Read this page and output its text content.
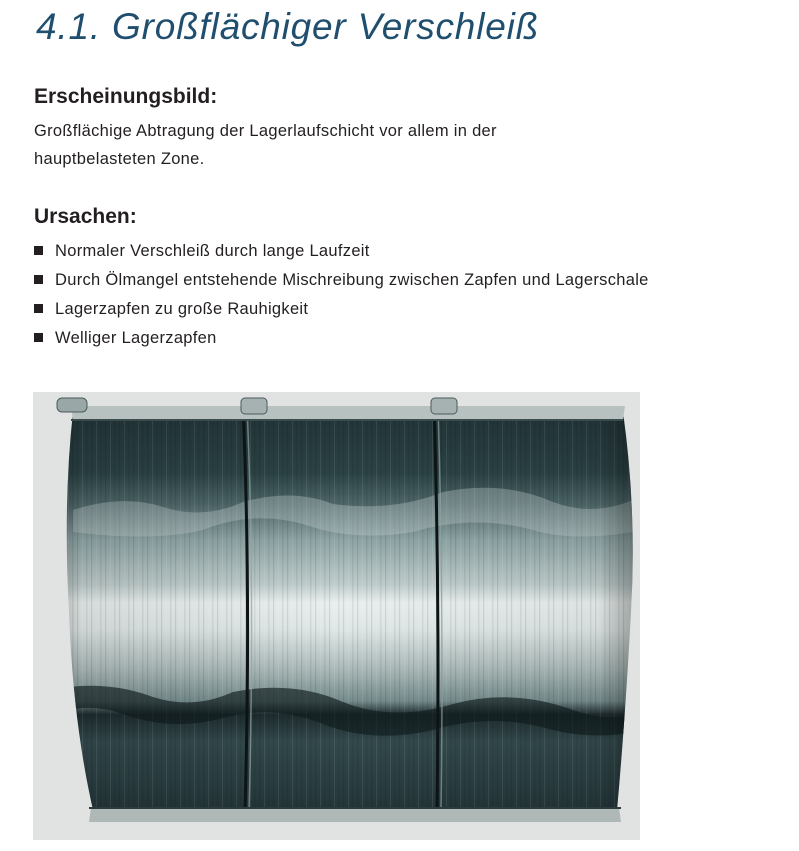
4.1. Großflächiger Verschleiß
Erscheinungsbild:

Großflächige Abtragung der Lagerlaufschicht vor allem in der
hauptbelasteten Zone.

Ursachen:
Normaler Verschleiß durch lange Laufzeit
Durch Ölmangel entstehende Mischreibung zwischen Zapfen und Lagerschale
Lagerzapfen zu große Rauhigkeit
Welliger Lagerzapfen
